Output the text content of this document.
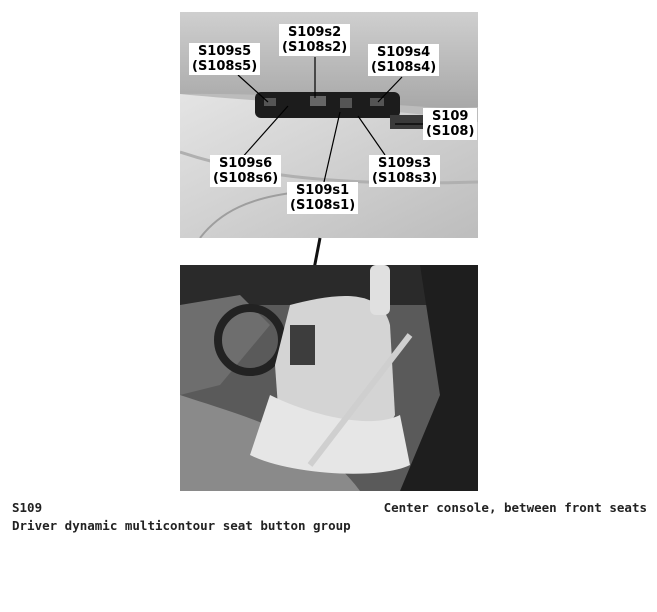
S109s5
(S108s5)
S109s2
(S108s2)	S109s4
(S108s4)
S109
(S108)
S109s6
(S108s6)
S109s3
(S108s3)
S109s1
(S108s1)
S109
Driver dynamic multicontour seat button group
Center console, between front seats
